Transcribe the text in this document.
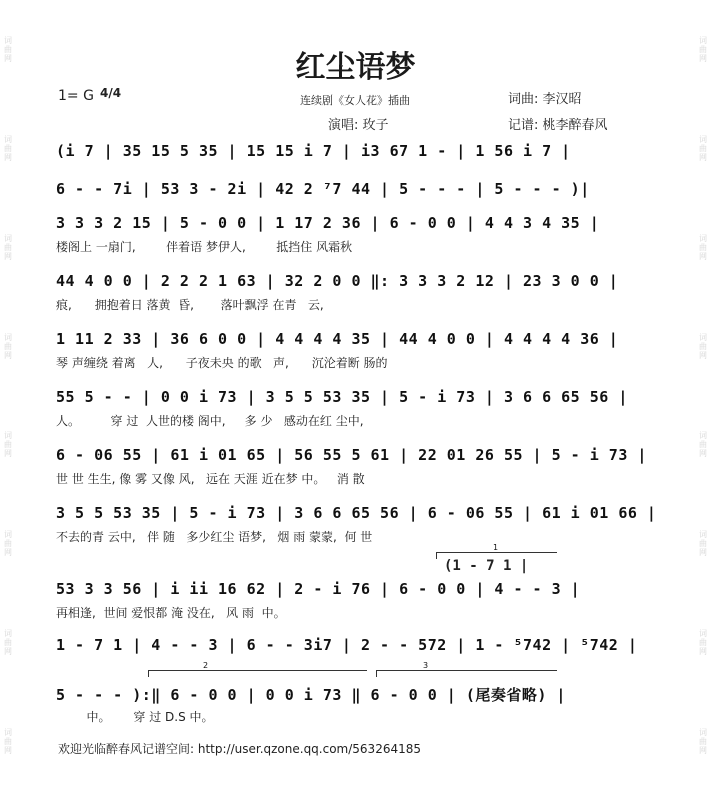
词曲网
词曲网
词曲网
词曲网
词曲网
词曲网
词曲网
词曲网
词曲网
词曲网
词曲网
词曲网
词曲网
词曲网
词曲网
词曲网
红尘语梦
1= G 4/4
连续剧《女人花》插曲	词曲: 李汉昭
演唱: 玫子	记谱: 桃李醉春风
(i 7 | 35 15 5 35 | 15 15 i 7 | i3 67 1 - | 1 56 i 7 |
6 - - 7i | 53 3 - 2i | 42 2 ⁷7 44 | 5 - - - | 5 - - - )|
3 3 3 2 15 | 5 - 0 0 | 1 17 2 36 | 6 - 0 0 | 4 4 3 4 35 |
楼阁上 一扇门,        伴着语 梦伊人,        抵挡住 风霜秋
44 4 0 0 | 2 2 2 1 63 | 32 2 0 0 ‖: 3 3 3 2 12 | 23 3 0 0 |
痕,      拥抱着日 落黄  昏,       落叶飘浮 在青   云,
1 11 2 33 | 36 6 0 0 | 4 4 4 4 35 | 44 4 0 0 | 4 4 4 4 36 |
琴 声缠绕 着离   人,      子夜未央 的歌   声,      沉沦着断 肠的
55 5 - - | 0 0 i 73 | 3 5 5 53 35 | 5 - i 73 | 3 6 6 65 56 |
人。        穿 过  人世的楼 阁中,     多 少   感动在红 尘中,
6 - 06 55 | 61 i 01 65 | 56 55 5 61 | 22 01 26 55 | 5 - i 73 |
世 世 生生, 像 雾 又像 风,   远在 天涯 近在梦 中。   消 散
3 5 5 53 35 | 5 - i 73 | 3 6 6 65 56 | 6 - 06 55 | 61 i 01 66 |
不去的青 云中,   伴 随   多少红尘 语梦,   烟 雨 蒙蒙,  何 世
1
(1 - 7 1 |
53 3 3 56 | i ii 16 62 | 2 - i 76 | 6 - 0 0 | 4 - - 3 |
再相逢,  世间 爱恨都 淹 没在,   风 雨  中。
1 - 7 1 | 4 - - 3 | 6 - - 3i7 | 2 - - 572 | 1 - ⁵742 | ⁵742 |
2	3
5 - - - ):‖ 6 - 0 0 | 0 0 i 73 ‖ 6 - 0 0 | (尾奏省略) |
中。      穿 过 D.S 中。
欢迎光临醉春风记谱空间: http://user.qzone.qq.com/563264185
